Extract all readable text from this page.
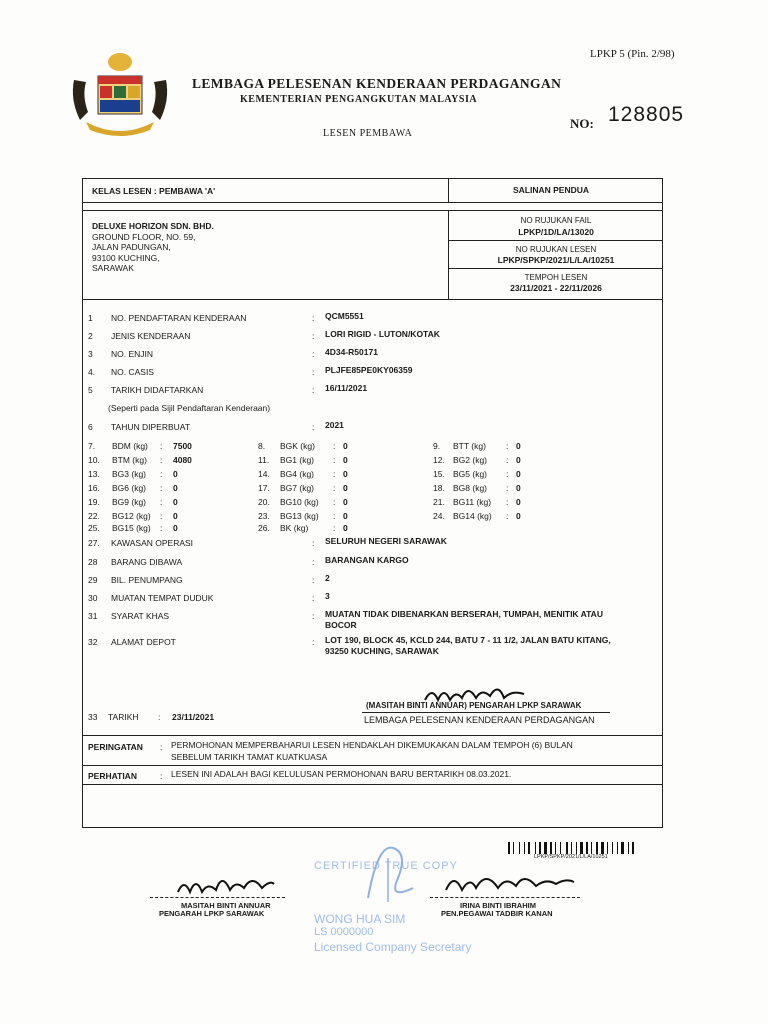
LPKP 5 (Pin. 2/98)
LEMBAGA PELESENAN KENDERAAN PERDAGANGAN
KEMENTERIAN PENGANGKUTAN MALAYSIA
LESEN PEMBAWA
NO: 128805
KELAS LESEN : PEMBAWA 'A'	SALINAN PENDUA
DELUXE HORIZON SDN. BHD.
GROUND FLOOR, NO. 59,
JALAN PADUNGAN,
93100 KUCHING,
SARAWAK
NO RUJUKAN FAIL
LPKP/1D/LA/13020
NO RUJUKAN LESEN
LPKP/SPKP/2021/L/LA/10251
TEMPOH LESEN
23/11/2021 - 22/11/2026
1 NO. PENDAFTARAN KENDERAAN	: QCM5551
2 JENIS KENDERAAN	: LORI RIGID - LUTON/KOTAK
3 NO. ENJIN	: 4D34-R50171
4. NO. CASIS	: PLJFE85PE0KY06359
5 TARIKH DIDAFTARKAN	: 16/11/2021
(Seperti pada Sijil Pendaftaran Kenderaan)
6 TAHUN DIPERBUAT	: 2021
7. BDM (kg) : 7500	8. BGK (kg) : 0	9. BTT (kg) : 0
10. BTM (kg) : 4080	11. BG1 (kg) : 0	12. BG2 (kg) : 0
13. BG3 (kg) : 0	14. BG4 (kg) : 0	15. BG5 (kg) : 0
16. BG6 (kg) : 0	17. BG7 (kg) : 0	18. BG8 (kg) : 0
19. BG9 (kg) : 0	20. BG10 (kg) : 0	21. BG11 (kg) : 0
22. BG12 (kg) : 0	23. BG13 (kg) : 0	24. BG14 (kg) : 0
25. BG15 (kg) : 0	26. BK (kg)	: 0
27. KAWASAN OPERASI	: SELURUH NEGERI SARAWAK
28 BARANG DIBAWA	: BARANGAN KARGO
29 BIL. PENUMPANG	: 2
30 MUATAN TEMPAT DUDUK	: 3
31 SYARAT KHAS	: MUATAN TIDAK DIBENARKAN BERSERAH, TUMPAH, MENITIK ATAU
BOCOR
32 ALAMAT DEPOT	: LOT 190, BLOCK 45, KCLD 244, BATU 7 - 11 1/2, JALAN BATU KITANG,
93250 KUCHING, SARAWAK
33 TARIKH : 23/11/2021
(MASITAH BINTI ANNUAR) PENGARAH LPKP SARAWAK
LEMBAGA PELESENAN KENDERAAN PERDAGANGAN
PERINGATAN : PERMOHONAN MEMPERBAHARUI LESEN HENDAKLAH DIKEMUKAKAN DALAM TEMPOH (6) BULAN
SEBELUM TARIKH TAMAT KUATKUASA
PERHATIAN	: LESEN INI ADALAH BAGI KELULUSAN PERMOHONAN BARU BERTARIKH 08.03.2021.
LPKP/SPKP/2021/L/LA/10251
MASITAH BINTI ANNUAR
PENGARAH LPKP SARAWAK
CERTIFIED TRUE COPY
WONG HUA SIM
LS 0000000
Licensed Company Secretary
IRINA BINTI IBRAHIM
PEN.PEGAWAI TADBIR KANAN
